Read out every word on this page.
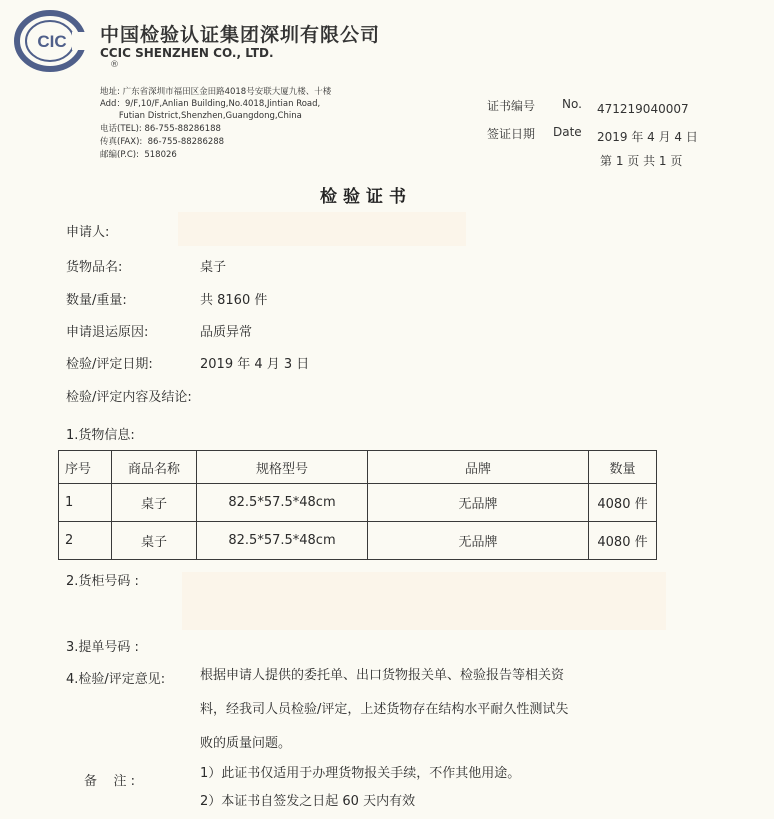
CIC 中国检验认证集团深圳有限公司
CCIC SHENZHEN CO., LTD.
®
地址: 广东省深圳市福田区金田路4018号安联大厦九楼、十楼
Add：9/F,10/F,Anlian Building,No.4018,Jintian Road,
Futian District,Shenzhen,Guangdong,China
电话(TEL): 86-755-88286188
传真(FAX):  86-755-88286288
邮编(P.C):  518026
证书编号 No. 471219040007
签证日期 Date 2019 年 4 月 4 日
第 1 页 共 1 页
检验证书
申请人:
货物品名:	桌子
数量/重量:	共 8160 件
申请退运原因:	品质异常
检验/评定日期:	2019 年 4 月 3 日
检验/评定内容及结论:
1.货物信息:
序号	商品名称	规格型号	品牌	数量
1	桌子	82.5*57.5*48cm	无品牌	4080 件
2	桌子	82.5*57.5*48cm	无品牌	4080 件
2.货柜号码 :
3.提单号码 :
4.检验/评定意见:	根据申请人提供的委托单、出口货物报关单、检验报告等相关资
料，经我司人员检验/评定，上述货物存在结构水平耐久性测试失
败的质量问题。
备    注 :
1）此证书仅适用于办理货物报关手续，不作其他用途。
2）本证书自签发之日起 60 天内有效
